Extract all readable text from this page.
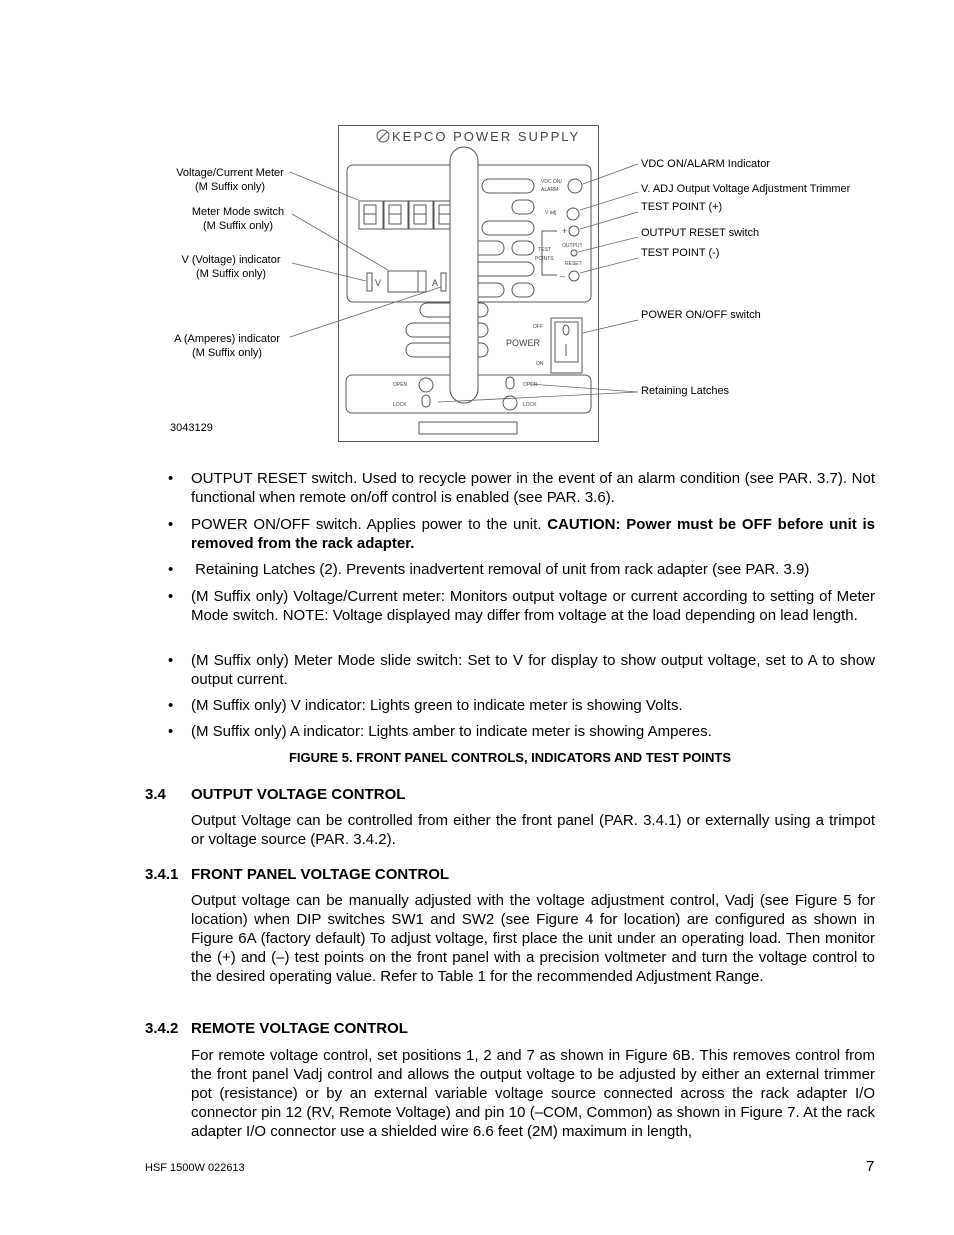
KEPCO POWER SUPPLY
VDC ON/
ALARM
V adj
TEST
POINTS
OUTPUT
RESET
OFF
ON
OPEN
LOCK
OPEN
LOCK
+
–
V	A
POWER
Voltage/Current Meter
(M Suffix only)
Meter Mode switch
(M Suffix only)
V (Voltage) indicator
(M Suffix only)
A (Amperes) indicator
(M Suffix only)
VDC ON/ALARM Indicator
V. ADJ Output Voltage Adjustment Trimmer
TEST POINT (+)
OUTPUT RESET switch
TEST POINT (-)
POWER ON/OFF switch
Retaining Latches
3043129
• OUTPUT RESET switch. Used to recycle power in the event of an alarm condition (see PAR. 3.7). Not functional when remote on/off control is enabled (see PAR. 3.6).
• POWER ON/OFF switch. Applies power to the unit. CAUTION: Power must be OFF before unit is removed from the rack adapter.
• Retaining Latches (2). Prevents inadvertent removal of unit from rack adapter (see PAR. 3.9)
• (M Suffix only) Voltage/Current meter: Monitors output voltage or current according to setting of Meter Mode switch. NOTE: Voltage displayed may differ from voltage at the load depending on lead length.
• (M Suffix only) Meter Mode slide switch: Set to V for display to show output voltage, set to A to show output current.
• (M Suffix only) V indicator: Lights green to indicate meter is showing Volts.
• (M Suffix only) A indicator: Lights amber to indicate meter is showing Amperes.
FIGURE 5. FRONT PANEL CONTROLS, INDICATORS AND TEST POINTS
3.4 OUTPUT VOLTAGE CONTROL
Output Voltage can be controlled from either the front panel (PAR. 3.4.1) or externally using a trimpot or voltage source (PAR. 3.4.2).
3.4.1 FRONT PANEL VOLTAGE CONTROL
Output voltage can be manually adjusted with the voltage adjustment control, Vadj (see Figure 5 for location) when DIP switches SW1 and SW2 (see Figure 4 for location) are configured as shown in Figure 6A (factory default) To adjust voltage, first place the unit under an operating load. Then monitor the (+) and (–) test points on the front panel with a precision voltmeter and turn the voltage control to the desired operating value. Refer to Table 1 for the recommended Adjustment Range.
3.4.2 REMOTE VOLTAGE CONTROL
For remote voltage control, set positions 1, 2 and 7 as shown in Figure 6B. This removes control from the front panel Vadj control and allows the output voltage to be adjusted by either an external trimmer pot (resistance) or by an external variable voltage source connected across the rack adapter I/O connector pin 12 (RV, Remote Voltage) and pin 10 (–COM, Common) as shown in Figure 7. At the rack adapter I/O connector use a shielded wire 6.6 feet (2M) maximum in length,
HSF 1500W 022613	7
